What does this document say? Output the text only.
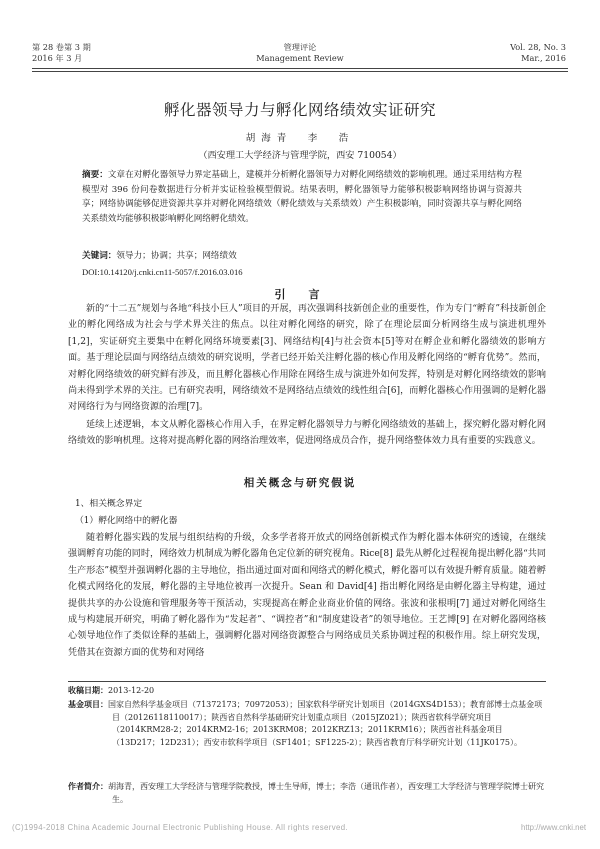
第 28 卷第 3 期
2016 年 3 月
管理评论
Management Review
Vol. 28, No. 3
Mar., 2016
孵化器领导力与孵化网络绩效实证研究
胡海青　李　浩
（西安理工大学经济与管理学院，西安 710054）
摘要：文章在对孵化器领导力界定基础上，建模并分析孵化器领导力对孵化网络绩效的影响机理。通过采用结构方程模型对 396 份问卷数据进行分析并实证检验模型假说。结果表明，孵化器领导力能够积极影响网络协调与资源共享；网络协调能够促进资源共享并对孵化网络绩效（孵化绩效与关系绩效）产生积极影响，同时资源共享与孵化网络关系绩效均能够积极影响孵化网络孵化绩效。
关键词：领导力；协调；共享；网络绩效
DOI:10.14120/j.cnki.cn11-5057/f.2016.03.016
引　言
新的“十二五”规划与各地“科技小巨人”项目的开展，再次强调科技新创企业的重要性，作为专门“孵育”科技新创企业的孵化网络成为社会与学术界关注的焦点。以往对孵化网络的研究，除了在理论层面分析网络生成与演进机理外[1,2]，实证研究主要集中在孵化网络环境要素[3]、网络结构[4]与社会资本[5]等对在孵企业和孵化器绩效的影响方面。基于理论层面与网络结点绩效的研究说明，学者已经开始关注孵化器的核心作用及孵化网络的“孵育优势”。然而，对孵化网络绩效的研究鲜有涉及，而且孵化器核心作用除在网络生成与演进外如何发挥，特别是对孵化网络绩效的影响尚未得到学术界的关注。已有研究表明，网络绩效不是网络结点绩效的线性组合[6]，而孵化器核心作用强调的是孵化器对网络行为与网络资源的治理[7]。
延续上述逻辑，本文从孵化器核心作用入手，在界定孵化器领导力与孵化网络绩效的基础上，探究孵化器对孵化网络绩效的影响机理。这将对提高孵化器的网络治理效率，促进网络成员合作，提升网络整体效力具有重要的实践意义。
相关概念与研究假说
1、相关概念界定
（1）孵化网络中的孵化器
随着孵化器实践的发展与组织结构的升级，众多学者将开放式的网络创新模式作为孵化器本体研究的透镜，在继续强调孵育功能的同时，网络效力机制成为孵化器角色定位新的研究视角。Rice[8] 最先从孵化过程视角提出孵化器“共同生产形态”模型并强调孵化器的主导地位，指出通过面对面和网络式的孵化模式，孵化器可以有效提升孵育质量。随着孵化模式网络化的发展，孵化器的主导地位被再一次提升。Sean 和 David[4] 指出孵化网络是由孵化器主导构建，通过提供共享的办公设施和管理服务等干预活动，实现提高在孵企业商业价值的网络。张波和张根明[7] 通过对孵化网络生成与构建展开研究，明确了孵化器作为“发起者”、“调控者”和“制度建设者”的领导地位。王艺博[9] 在对孵化器网络核心领导地位作了类似诠释的基础上，强调孵化器对网络资源整合与网络成员关系协调过程的积极作用。综上研究发现，凭借其在资源方面的优势和对网络
收稿日期：2013-12-20
基金项目：国家自然科学基金项目（71372173；70972053）；国家软科学研究计划项目（2014GXS4D153）；教育部博士点基金项目（20126118110017）；陕西省自然科学基础研究计划重点项目（2015JZ021）；陕西省软科学研究项目（2014KRM28-2；2014KRM2-16；2013KRM08；2012KRZ13；2011KRM16）；陕西省社科基金项目（13D217；12D231）；西安市软科学项目（SF1401；SF1225-2）；陕西省教育厅科学研究计划（11JK0175）。
作者简介：胡海青，西安理工大学经济与管理学院教授，博士生导师，博士；李浩（通讯作者），西安理工大学经济与管理学院博士研究生。
(C)1994-2018 China Academic Journal Electronic Publishing House. All rights reserved.	http://www.cnki.net
